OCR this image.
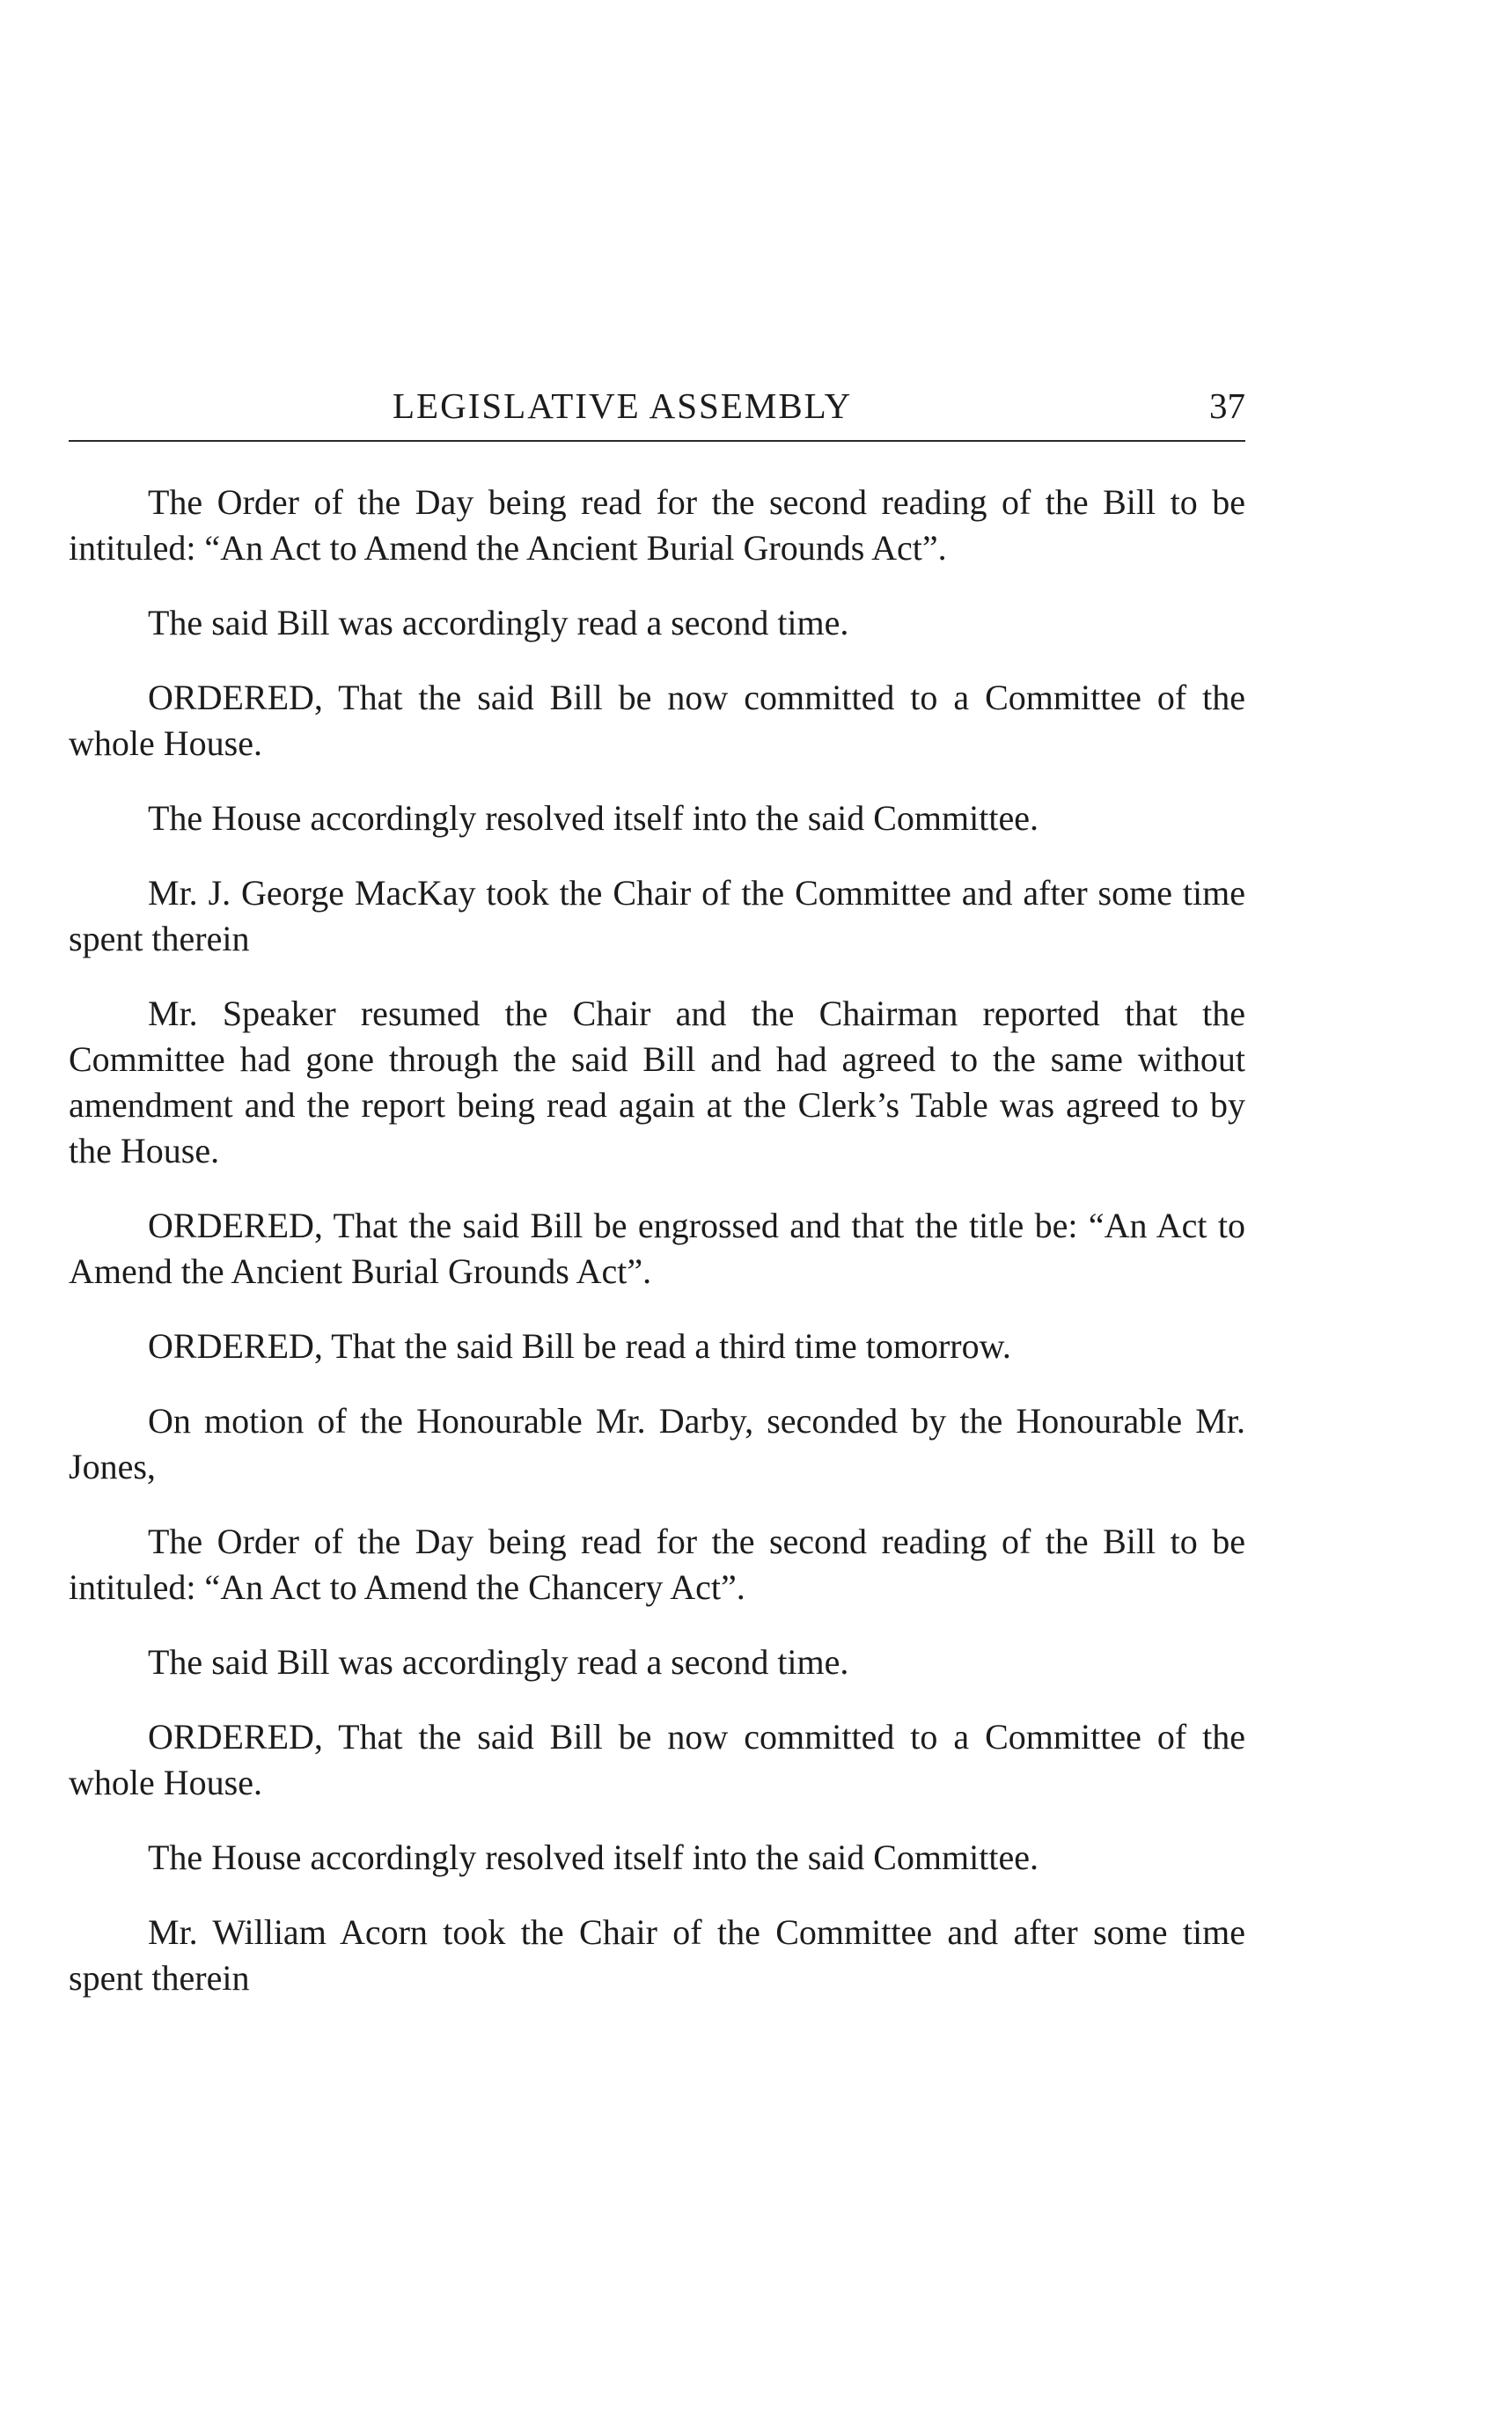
LEGISLATIVE ASSEMBLY	37

The Order of the Day being read for the second reading of the Bill to be intituled: “An Act to Amend the Ancient Burial Grounds Act”.

The said Bill was accordingly read a second time.

ORDERED, That the said Bill be now committed to a Committee of the whole House.

The House accordingly resolved itself into the said Committee.

Mr. J. George MacKay took the Chair of the Committee and after some time spent therein

Mr. Speaker resumed the Chair and the Chairman reported that the Committee had gone through the said Bill and had agreed to the same without amendment and the report being read again at the Clerk’s Table was agreed to by the House.

ORDERED, That the said Bill be engrossed and that the title be: “An Act to Amend the Ancient Burial Grounds Act”.

ORDERED, That the said Bill be read a third time tomorrow.

On motion of the Honourable Mr. Darby, seconded by the Honourable Mr. Jones,

The Order of the Day being read for the second reading of the Bill to be intituled: “An Act to Amend the Chancery Act”.

The said Bill was accordingly read a second time.

ORDERED, That the said Bill be now committed to a Committee of the whole House.

The House accordingly resolved itself into the said Committee.

Mr. William Acorn took the Chair of the Committee and after some time spent therein
